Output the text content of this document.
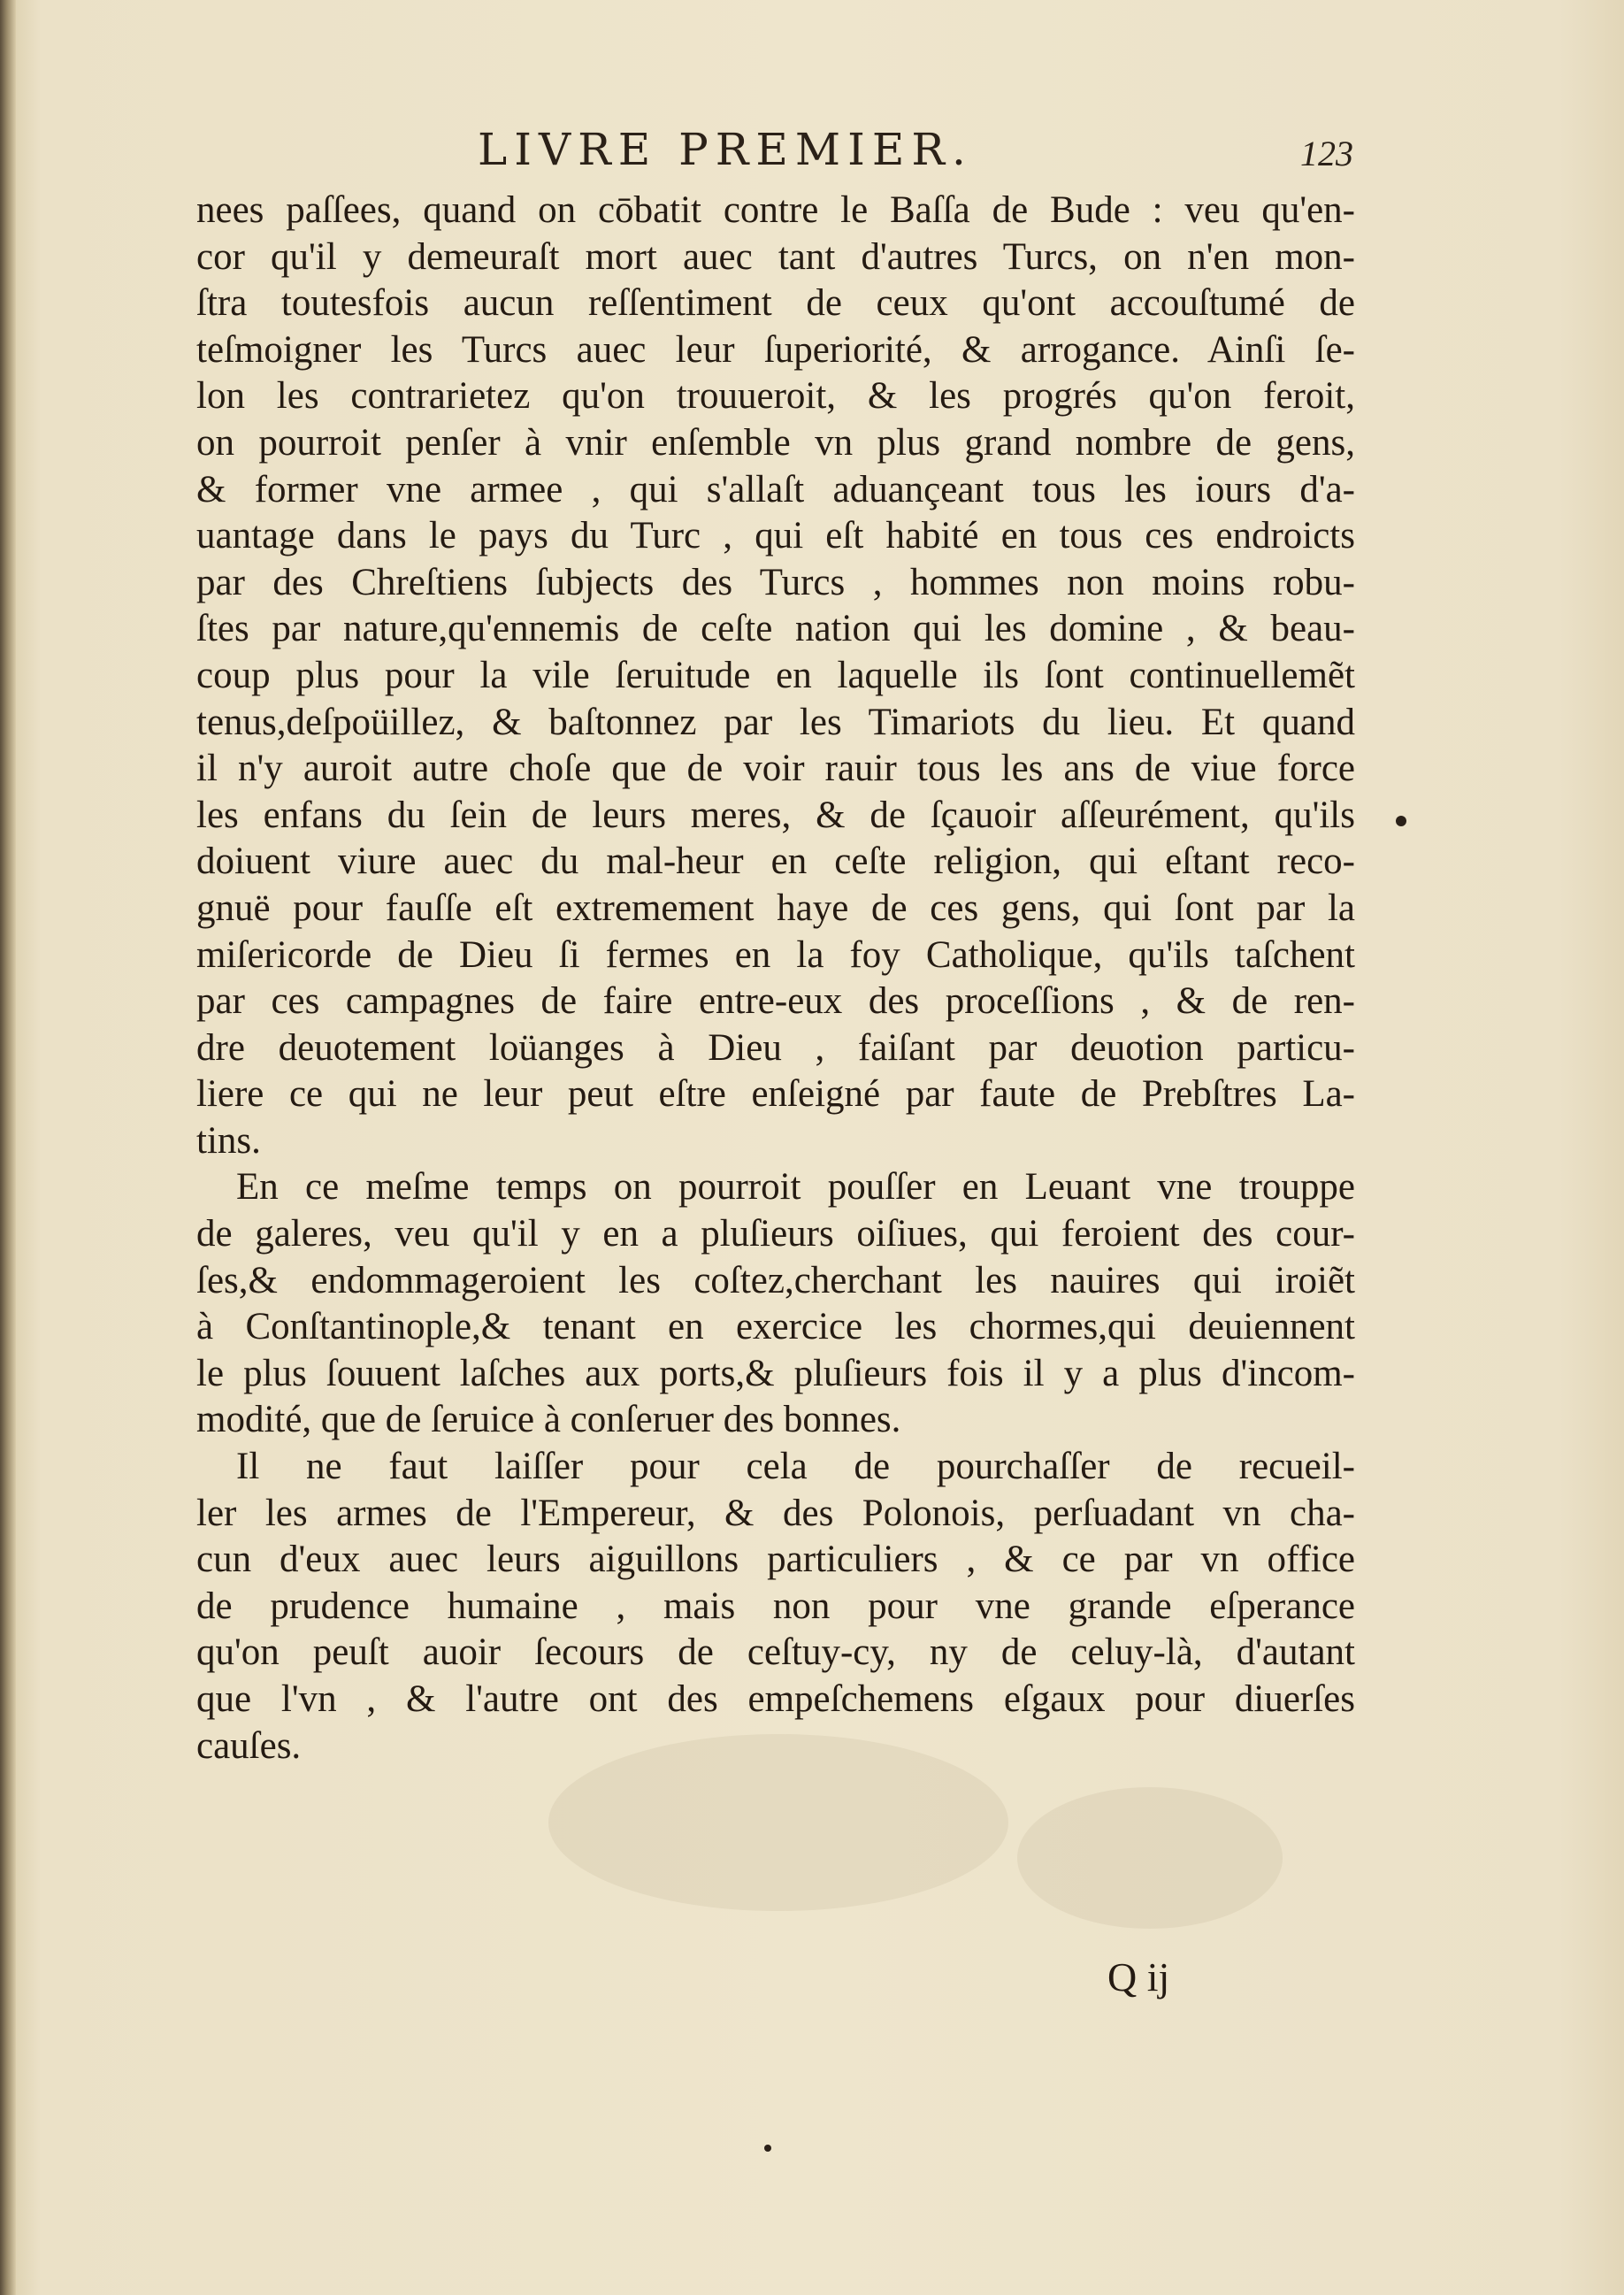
LIVRE PREMIER.	123
nees paſſees, quand on cōbatit contre le Baſſa de Bude : veu qu'en-
cor qu'il y demeuraſt mort auec tant d'autres Turcs, on n'en mon-
ſtra toutesfois aucun reſſentiment de ceux qu'ont accouſtumé de
teſmoigner les Turcs auec leur ſuperiorité, & arrogance. Ainſi ſe-
lon les contrarietez qu'on trouueroit, & les progrés qu'on feroit,
on pourroit penſer à vnir enſemble vn plus grand nombre de gens,
& former vne armee , qui s'allaſt aduançeant tous les iours d'a-
uantage dans le pays du Turc , qui eſt habité en tous ces endroicts
par des Chreſtiens ſubjects des Turcs , hommes non moins robu-
ſtes par nature,qu'ennemis de ceſte nation qui les domine , & beau-
coup plus pour la vile ſeruitude en laquelle ils ſont continuellemẽt
tenus,deſpoüillez, & baſtonnez par les Timariots du lieu. Et quand
il n'y auroit autre choſe que de voir rauir tous les ans de viue force
les enfans du ſein de leurs meres, & de ſçauoir aſſeurément, qu'ils
doiuent viure auec du mal-heur en ceſte religion, qui eſtant reco-
gnuë pour fauſſe eſt extremement haye de ces gens, qui ſont par la
miſericorde de Dieu ſi fermes en la foy Catholique, qu'ils taſchent
par ces campagnes de faire entre-eux des proceſſions , & de ren-
dre deuotement loüanges à Dieu , faiſant par deuotion particu-
liere ce qui ne leur peut eſtre enſeigné par faute de Prebſtres La-
tins.
En ce meſme temps on pourroit pouſſer en Leuant vne trouppe
de galeres, veu qu'il y en a pluſieurs oiſiues, qui feroient des cour-
ſes,& endommageroient les coſtez,cherchant les nauires qui iroiẽt
à Conſtantinople,& tenant en exercice les chormes,qui deuiennent
le plus ſouuent laſches aux ports,& pluſieurs fois il y a plus d'incom-
modité, que de ſeruice à conſeruer des bonnes.
Il ne faut laiſſer pour cela de pourchaſſer de recueil-
ler les armes de l'Empereur, & des Polonois, perſuadant vn cha-
cun d'eux auec leurs aiguillons particuliers , & ce par vn office
de prudence humaine , mais non pour vne grande eſperance
qu'on peuſt auoir ſecours de ceſtuy-cy, ny de celuy-là, d'autant
que l'vn , & l'autre ont des empeſchemens eſgaux pour diuerſes
cauſes.
Q ij
